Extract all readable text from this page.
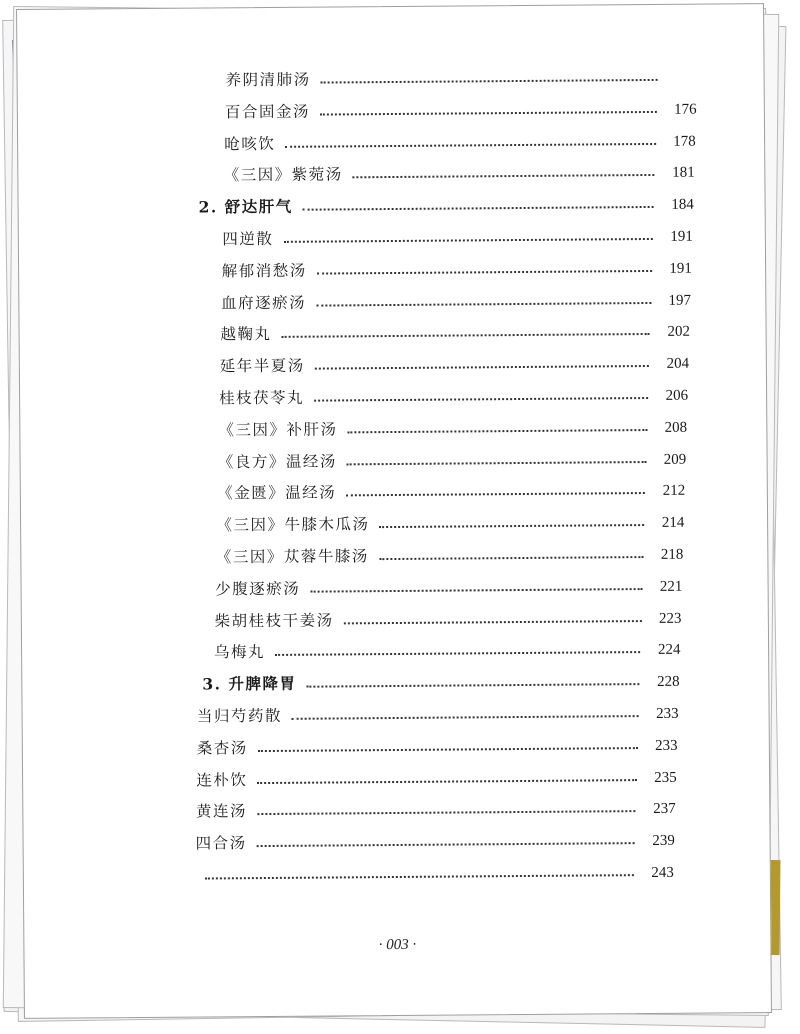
养阴清肺汤
百合固金汤	176
呛咳饮	178
《三因》紫菀汤	181
2. 舒达肝气	184
四逆散	191
解郁消愁汤	191
血府逐瘀汤	197
越鞠丸	202
延年半夏汤	204
桂枝茯苓丸	206
《三因》补肝汤	208
《良方》温经汤	209
《金匮》温经汤	212
《三因》牛膝木瓜汤	214
《三因》苁蓉牛膝汤	218
少腹逐瘀汤	221
柴胡桂枝干姜汤	223
乌梅丸	224
3. 升脾降胃	228
当归芍药散	233
桑杏汤	233
连朴饮	235
黄连汤	237
四合汤	239
243
· 003 ·
